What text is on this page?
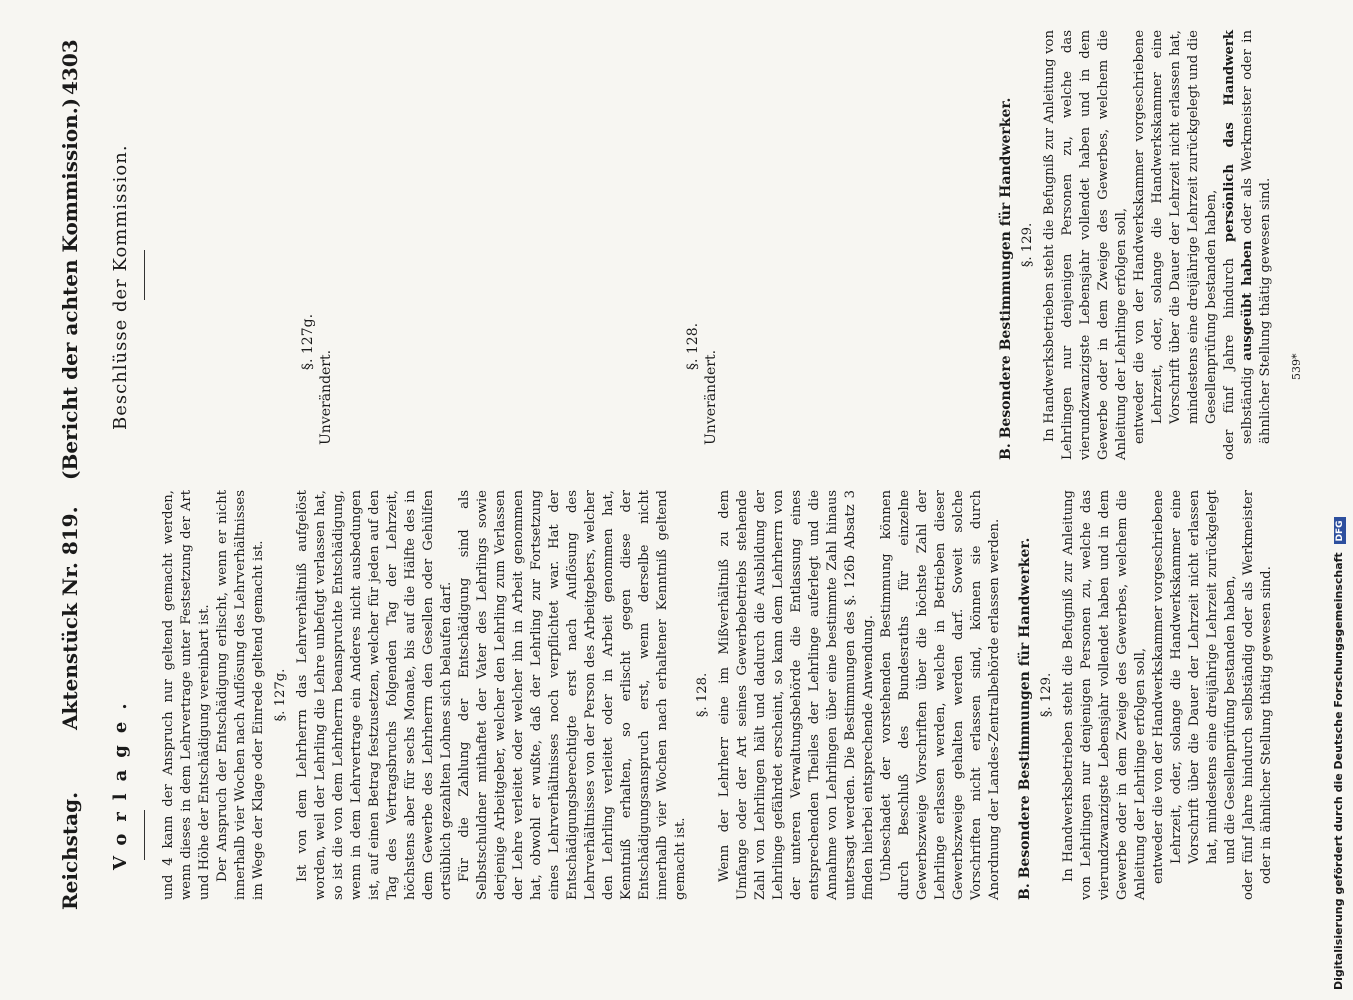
Reichstag.
Aktenstück Nr. 819.
(Bericht der achten Kommission.)
4303
Vorlage.
Beschlüsse der Kommission.

und 4 kann der Anspruch nur geltend gemacht werden, wenn dieses in dem Lehrvertrage unter Festsetzung der Art und Höhe der Entschädigung vereinbart ist. Der Anspruch der Entschädigung erlischt, wenn er nicht innerhalb vier Wochen nach Auflösung des Lehrverhältnisses im Wege der Klage oder Einrede geltend gemacht ist. §. 127g. Ist von dem Lehrherrn das Lehrverhältniß aufgelöst worden, weil der Lehrling die Lehre unbefugt verlassen hat, so ist die von dem Lehrherrn beanspruchte Entschädigung, wenn in dem Lehrvertrage ein Anderes nicht ausbedungen ist, auf einen Betrag festzusetzen, welcher für jeden auf den Tag des Vertragsbruchs folgenden Tag der Lehrzeit, höchstens aber für sechs Monate, bis auf die Hälfte des in dem Gewerbe des Lehrherrn den Gesellen oder Gehülfen ortsüblich gezahlten Lohnes sich belaufen darf. Für die Zahlung der Entschädigung sind als Selbstschuldner mithaftet der Vater des Lehrlings sowie derjenige Arbeitgeber, welcher den Lehrling zum Verlassen der Lehre verleitet oder welcher ihn in Arbeit genommen hat, obwohl er wußte, daß der Lehrling zur Fortsetzung eines Lehrverhältnisses noch verpflichtet war. Hat der Entschädigungsberechtigte erst nach Auflösung des Lehrverhältnisses von der Person des Arbeitgebers, welcher den Lehrling verleitet oder in Arbeit genommen hat, Kenntniß erhalten, so erlischt gegen diese der Entschädigungsanspruch erst, wenn derselbe nicht innerhalb vier Wochen nach erhaltener Kenntniß geltend gemacht ist.

§. 128. Wenn der Lehrherr eine im Mißverhältniß zu dem Umfange oder der Art seines Gewerbebetriebs stehende Zahl von Lehrlingen hält und dadurch die Ausbildung der Lehrlinge gefährdet erscheint, so kann dem Lehrherrn von der unteren Verwaltungsbehörde die Entlassung eines entsprechenden Theiles der Lehrlinge auferlegt und die Annahme von Lehrlingen über eine bestimmte Zahl hinaus untersagt werden. Die Bestimmungen des §. 126b Absatz 3 finden hierbei entsprechende Anwendung. Unbeschadet der vorstehenden Bestimmung können durch Beschluß des Bundesraths für einzelne Gewerbszweige Vorschriften über die höchste Zahl der Lehrlinge erlassen werden, welche in Betrieben dieser Gewerbszweige gehalten werden darf. Soweit solche Vorschriften nicht erlassen sind, können sie durch Anordnung der Landes-Zentralbehörde erlassen werden. B. Besondere Bestimmungen für Handwerker. §. 129. In Handwerksbetrieben steht die Befugniß zur Anleitung von Lehrlingen nur denjenigen Personen zu, welche das vierundzwanzigste Lebensjahr vollendet haben und in dem Gewerbe oder in dem Zweige des Gewerbes, welchem die Anleitung der Lehrlinge erfolgen soll, entweder die von der Handwerkskammer vorgeschriebene Lehrzeit, oder, solange die Handwerkskammer eine Vorschrift über die Dauer der Lehrzeit nicht erlassen hat, mindestens eine dreijährige Lehrzeit zurückgelegt und die Gesellenprüfung bestanden haben, oder fünf Jahre hindurch selbständig oder als Werkmeister oder in ähnlicher Stellung thätig gewesen sind.

§. 127g.
Unverändert.
§. 128.
Unverändert.	B. Besondere Bestimmungen für Handwerker. §. 129. In Handwerksbetrieben steht die Befugniß zur Anleitung von Lehrlingen nur denjenigen Personen zu, welche das vierundzwanzigste Lebensjahr vollendet haben und in dem Gewerbe oder in dem Zweige des Gewerbes, welchem die Anleitung der Lehrlinge erfolgen soll, entweder die von der Handwerkskammer vorgeschriebene Lehrzeit, oder, solange die Handwerkskammer eine Vorschrift über die Dauer der Lehrzeit nicht erlassen hat, mindestens eine dreijährige Lehrzeit zurückgelegt und die Gesellenprüfung bestanden haben, oder fünf Jahre hindurch persönlich das Handwerk selbständig ausgeübt haben oder als Werkmeister oder in ähnlicher Stellung thätig gewesen sind. 539*
Digitalisierung gefördert durch die Deutsche Forschungsgemeinschaft DFG
